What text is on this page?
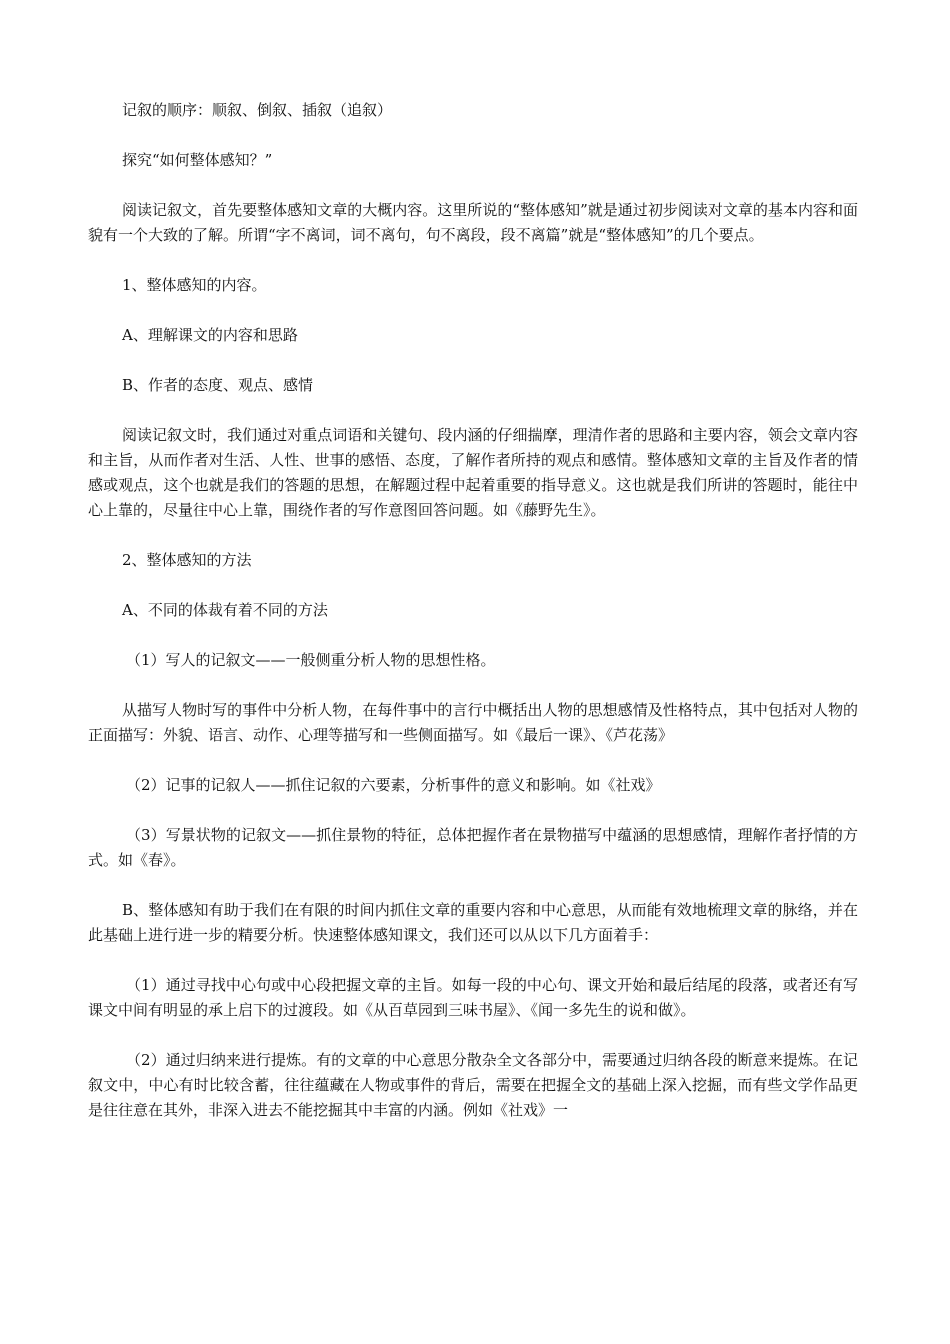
记叙的顺序：顺叙、倒叙、插叙（追叙）

探究“如何整体感知？”

阅读记叙文，首先要整体感知文章的大概内容。这里所说的“整体感知”就是通过初步阅读对文章的基本内容和面貌有一个大致的了解。所谓“字不离词，词不离句，句不离段，段不离篇”就是“整体感知”的几个要点。

1、整体感知的内容。

A、理解课文的内容和思路

B、作者的态度、观点、感情

阅读记叙文时，我们通过对重点词语和关键句、段内涵的仔细揣摩，理清作者的思路和主要内容，领会文章内容和主旨，从而作者对生活、人性、世事的感悟、态度，了解作者所持的观点和感情。整体感知文章的主旨及作者的情感或观点，这个也就是我们的答题的思想，在解题过程中起着重要的指导意义。这也就是我们所讲的答题时，能往中心上靠的，尽量往中心上靠，围绕作者的写作意图回答问题。如《藤野先生》。

2、整体感知的方法

A、不同的体裁有着不同的方法

（1）写人的记叙文——一般侧重分析人物的思想性格。

从描写人物时写的事件中分析人物，在每件事中的言行中概括出人物的思想感情及性格特点，其中包括对人物的正面描写：外貌、语言、动作、心理等描写和一些侧面描写。如《最后一课》、《芦花荡》

（2）记事的记叙人——抓住记叙的六要素，分析事件的意义和影响。如《社戏》

（3）写景状物的记叙文——抓住景物的特征，总体把握作者在景物描写中蕴涵的思想感情，理解作者抒情的方式。如《春》。

B、整体感知有助于我们在有限的时间内抓住文章的重要内容和中心意思，从而能有效地梳理文章的脉络，并在此基础上进行进一步的精要分析。快速整体感知课文，我们还可以从以下几方面着手：

（1）通过寻找中心句或中心段把握文章的主旨。如每一段的中心句、课文开始和最后结尾的段落，或者还有写课文中间有明显的承上启下的过渡段。如《从百草园到三味书屋》、《闻一多先生的说和做》。

（2）通过归纳来进行提炼。有的文章的中心意思分散杂全文各部分中，需要通过归纳各段的断意来提炼。在记叙文中，中心有时比较含蓄，往往蕴藏在人物或事件的背后，需要在把握全文的基础上深入挖掘，而有些文学作品更是往往意在其外，非深入进去不能挖掘其中丰富的内涵。例如《社戏》一
